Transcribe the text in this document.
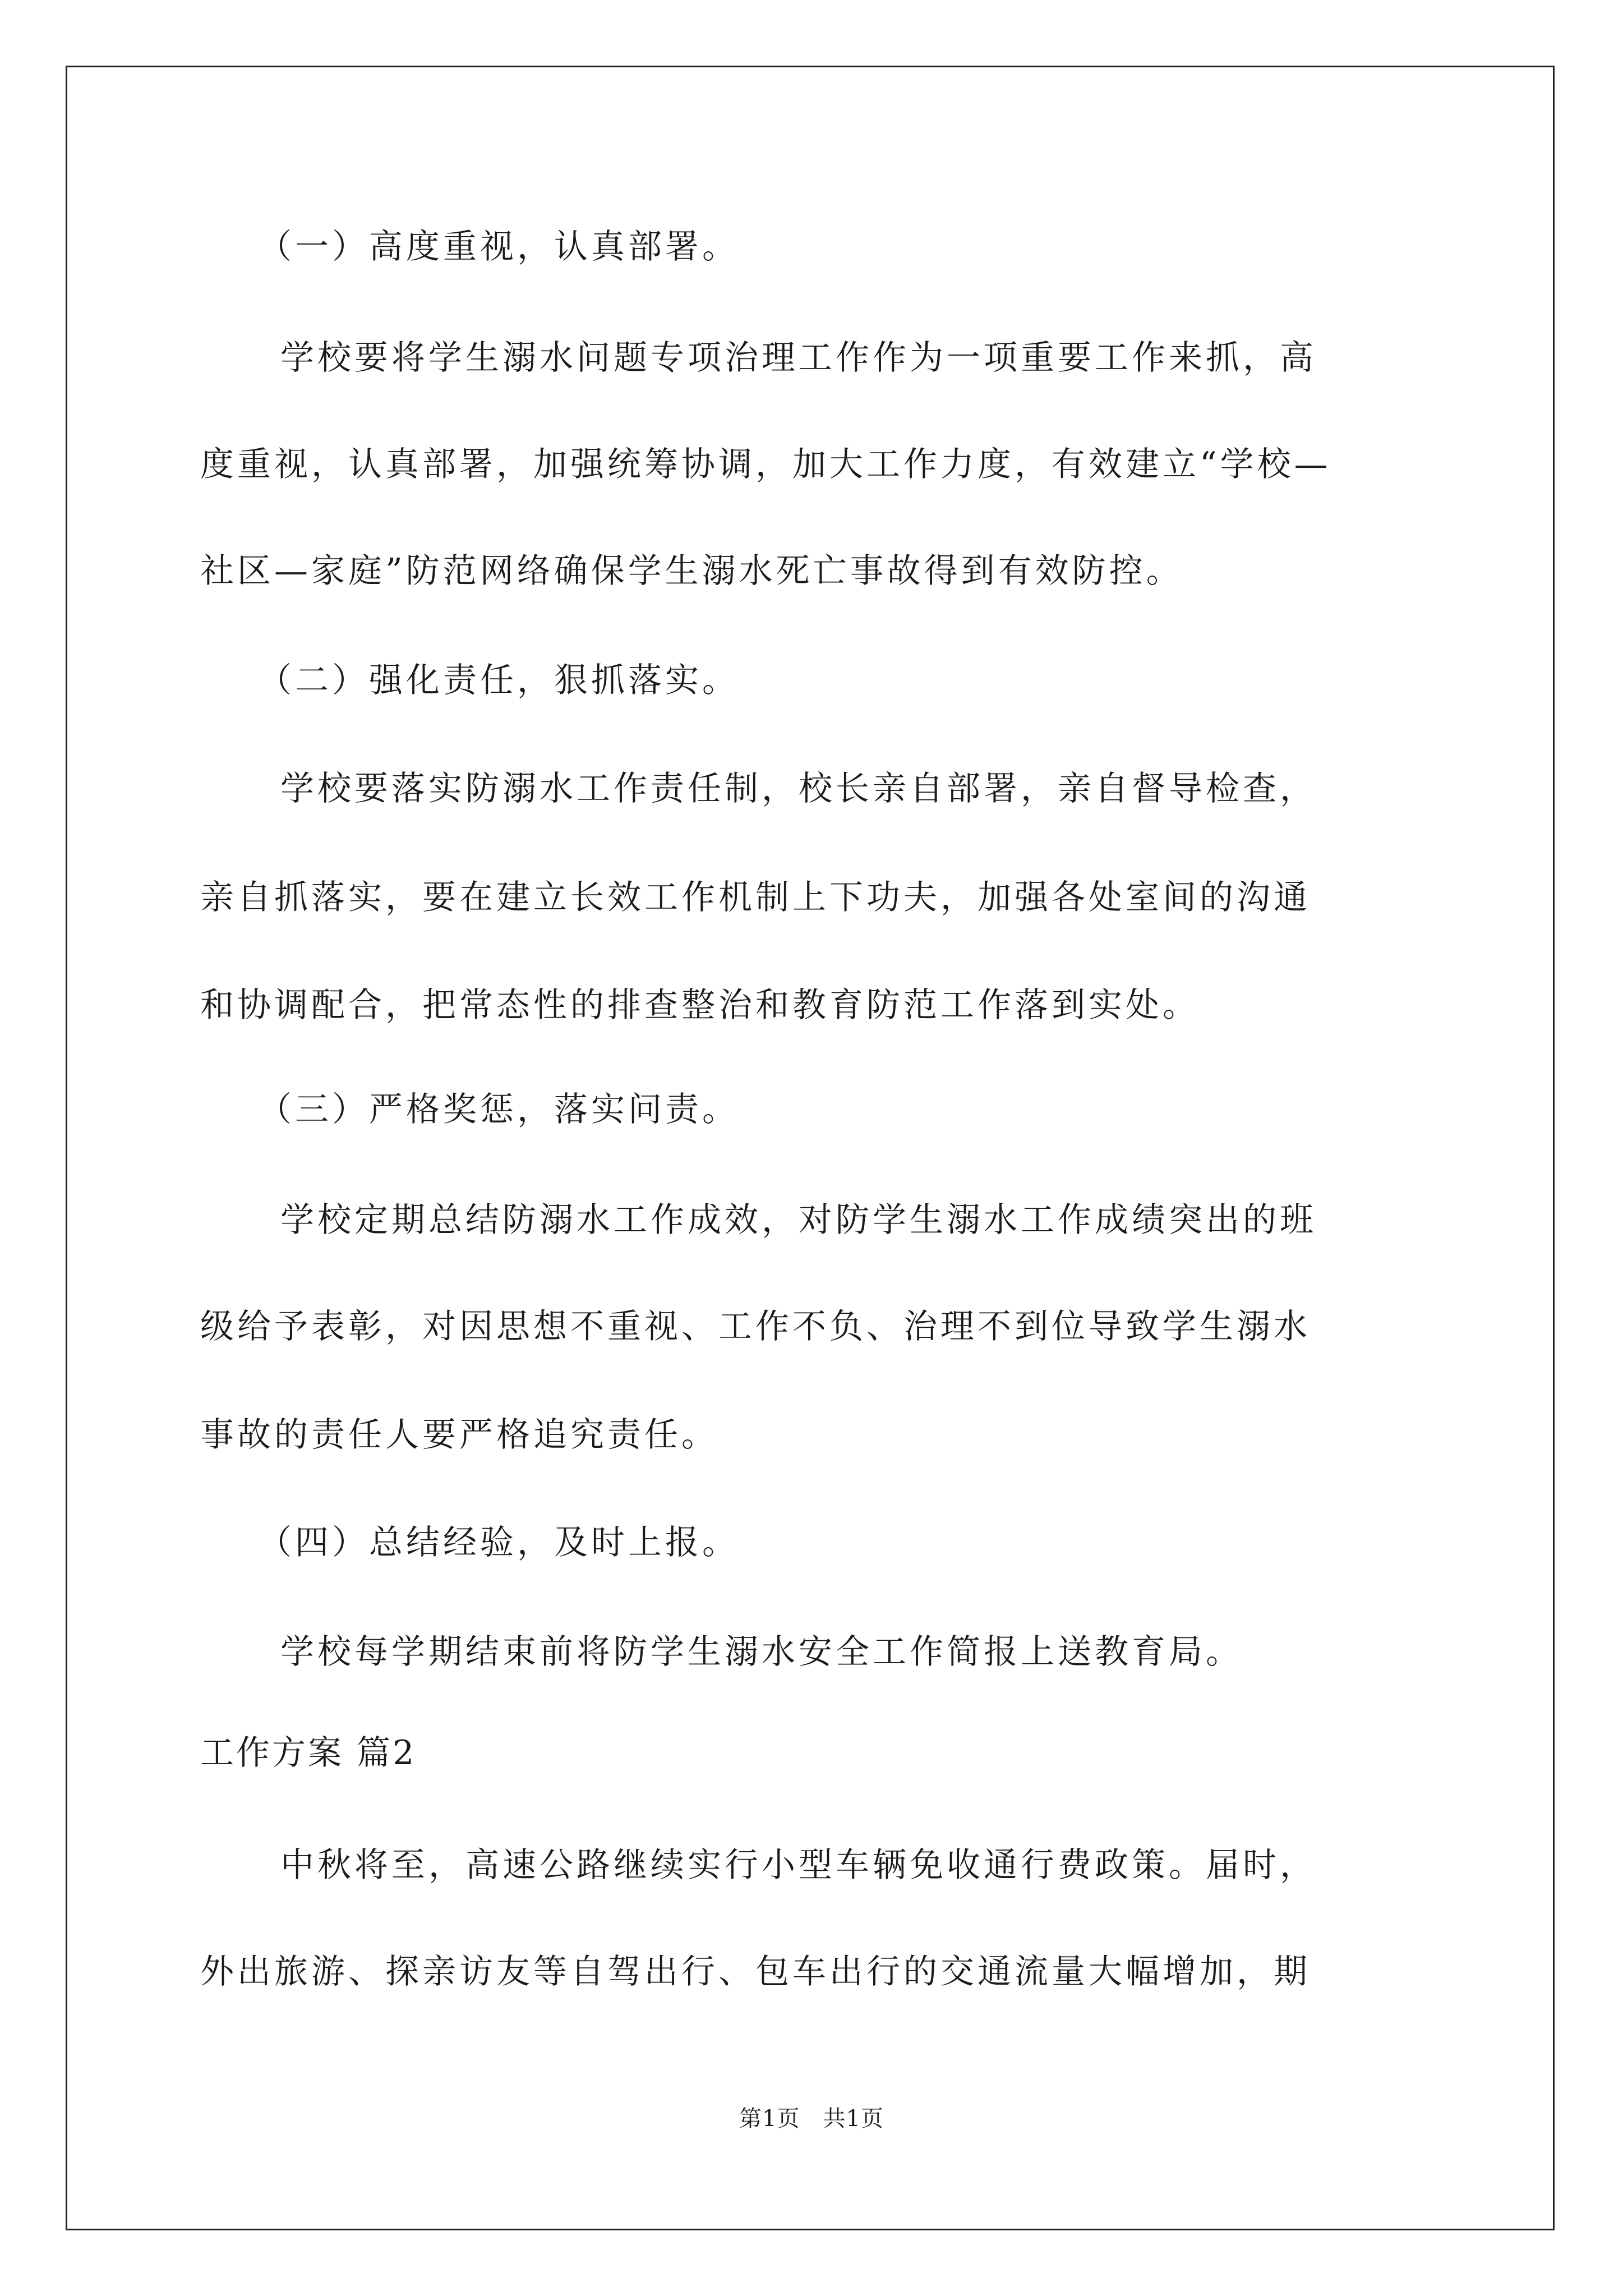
（一）高度重视，认真部署。
学校要将学生溺水问题专项治理工作作为一项重要工作来抓，高
度重视，认真部署，加强统筹协调，加大工作力度，有效建立“学校—
社区—家庭”防范网络确保学生溺水死亡事故得到有效防控。
（二）强化责任，狠抓落实。
学校要落实防溺水工作责任制，校长亲自部署，亲自督导检查，
亲自抓落实，要在建立长效工作机制上下功夫，加强各处室间的沟通
和协调配合，把常态性的排查整治和教育防范工作落到实处。
（三）严格奖惩，落实问责。
学校定期总结防溺水工作成效，对防学生溺水工作成绩突出的班
级给予表彰，对因思想不重视、工作不负、治理不到位导致学生溺水
事故的责任人要严格追究责任。
（四）总结经验，及时上报。
学校每学期结束前将防学生溺水安全工作简报上送教育局。
工作方案 篇2
中秋将至，高速公路继续实行小型车辆免收通行费政策。届时，
外出旅游、探亲访友等自驾出行、包车出行的交通流量大幅增加，期
第1页　共1页
